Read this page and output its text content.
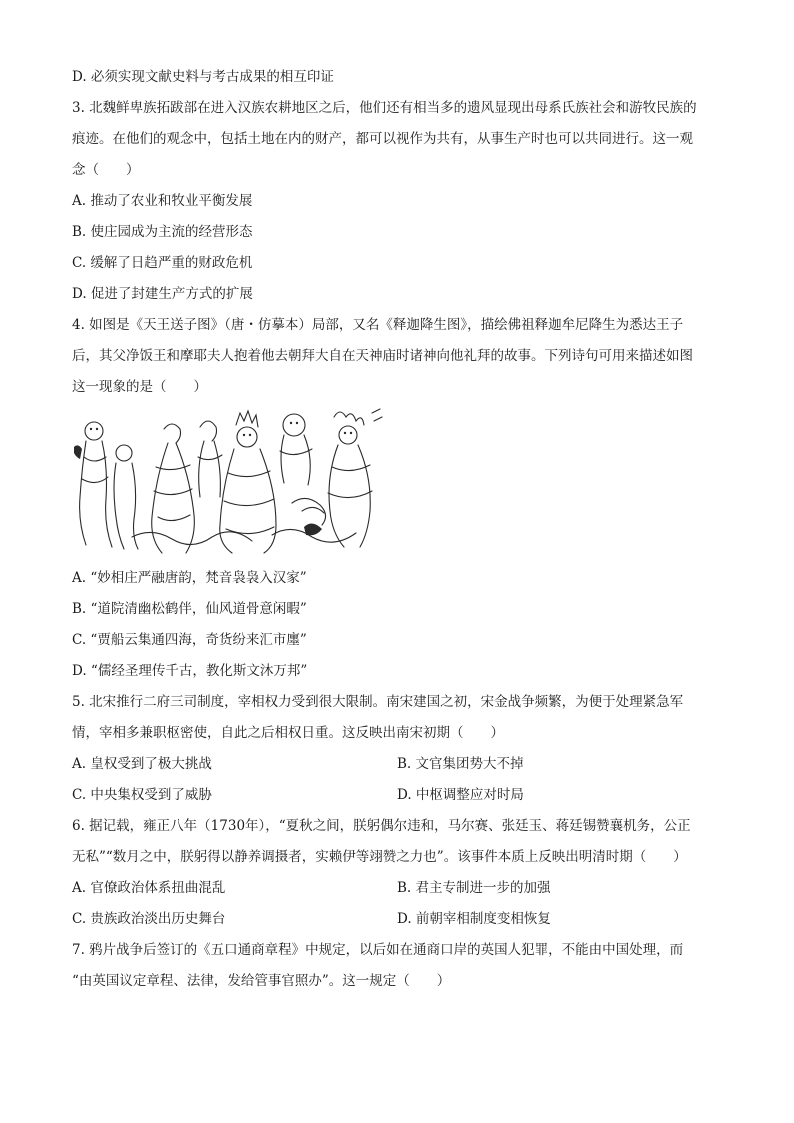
D. 必须实现文献史料与考古成果的相互印证
3. 北魏鲜卑族拓跋部在进入汉族农耕地区之后，他们还有相当多的遗风显现出母系氏族社会和游牧民族的
痕迹。在他们的观念中，包括土地在内的财产，都可以视作为共有，从事生产时也可以共同进行。这一观
念（　　）
A. 推动了农业和牧业平衡发展
B. 使庄园成为主流的经营形态
C. 缓解了日趋严重的财政危机
D. 促进了封建生产方式的扩展
4. 如图是《天王送子图》（唐・仿摹本）局部，又名《释迦降生图》，描绘佛祖释迦牟尼降生为悉达王子
后，其父净饭王和摩耶夫人抱着他去朝拜大自在天神庙时诸神向他礼拜的故事。下列诗句可用来描述如图
这一现象的是（　　）
A. “妙相庄严融唐韵，梵音袅袅入汉家”
B. “道院清幽松鹤伴，仙风道骨意闲暇”
C. “贾船云集通四海，奇货纷来汇市廛”
D. “儒经圣理传千古，教化斯文沐万邦”
5. 北宋推行二府三司制度，宰相权力受到很大限制。南宋建国之初，宋金战争频繁，为便于处理紧急军
情，宰相多兼职枢密使，自此之后相权日重。这反映出南宋初期（　　）
A. 皇权受到了极大挑战	B. 文官集团势大不掉
C. 中央集权受到了威胁	D. 中枢调整应对时局
6. 据记载，雍正八年（1730年），“夏秋之间，朕躬偶尔违和，马尔赛、张廷玉、蒋廷锡赞襄机务，公正
无私”“数月之中，朕躬得以静养调摄者，实赖伊等翊赞之力也”。该事件本质上反映出明清时期（　　）
A. 官僚政治体系扭曲混乱	B. 君主专制进一步的加强
C. 贵族政治淡出历史舞台	D. 前朝宰相制度变相恢复
7. 鸦片战争后签订的《五口通商章程》中规定，以后如在通商口岸的英国人犯罪，不能由中国处理，而
“由英国议定章程、法律，发给管事官照办”。这一规定（　　）
